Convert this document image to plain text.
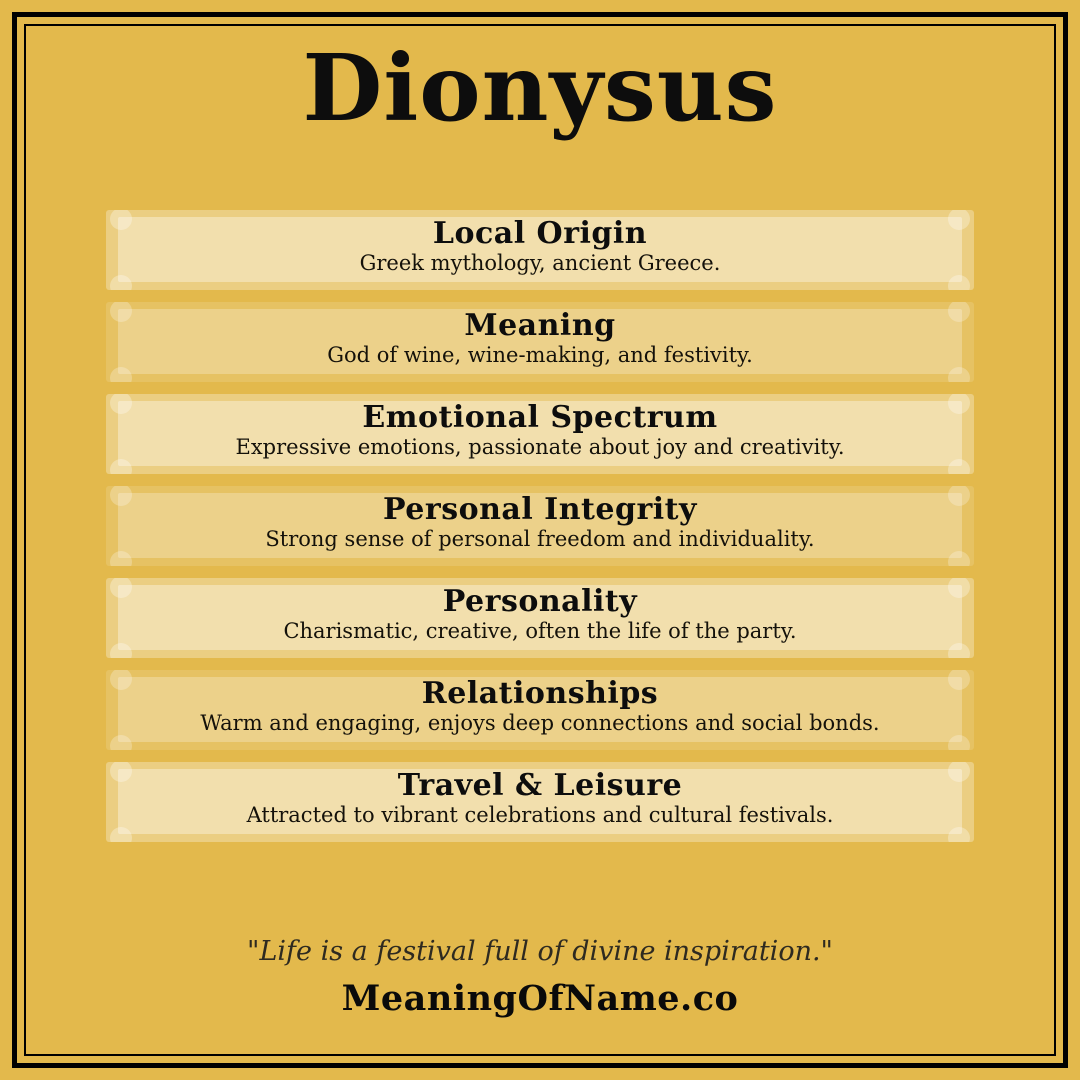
Dionysus
Local Origin

Greek mythology, ancient Greece.

Meaning

God of wine, wine-making, and festivity.

Emotional Spectrum

Expressive emotions, passionate about joy and creativity.

Personal Integrity

Strong sense of personal freedom and individuality.

Personality

Charismatic, creative, often the life of the party.

Relationships

Warm and engaging, enjoys deep connections and social bonds.

Travel & Leisure

Attracted to vibrant celebrations and cultural festivals.

"Life is a festival full of divine inspiration."

MeaningOfName.co
